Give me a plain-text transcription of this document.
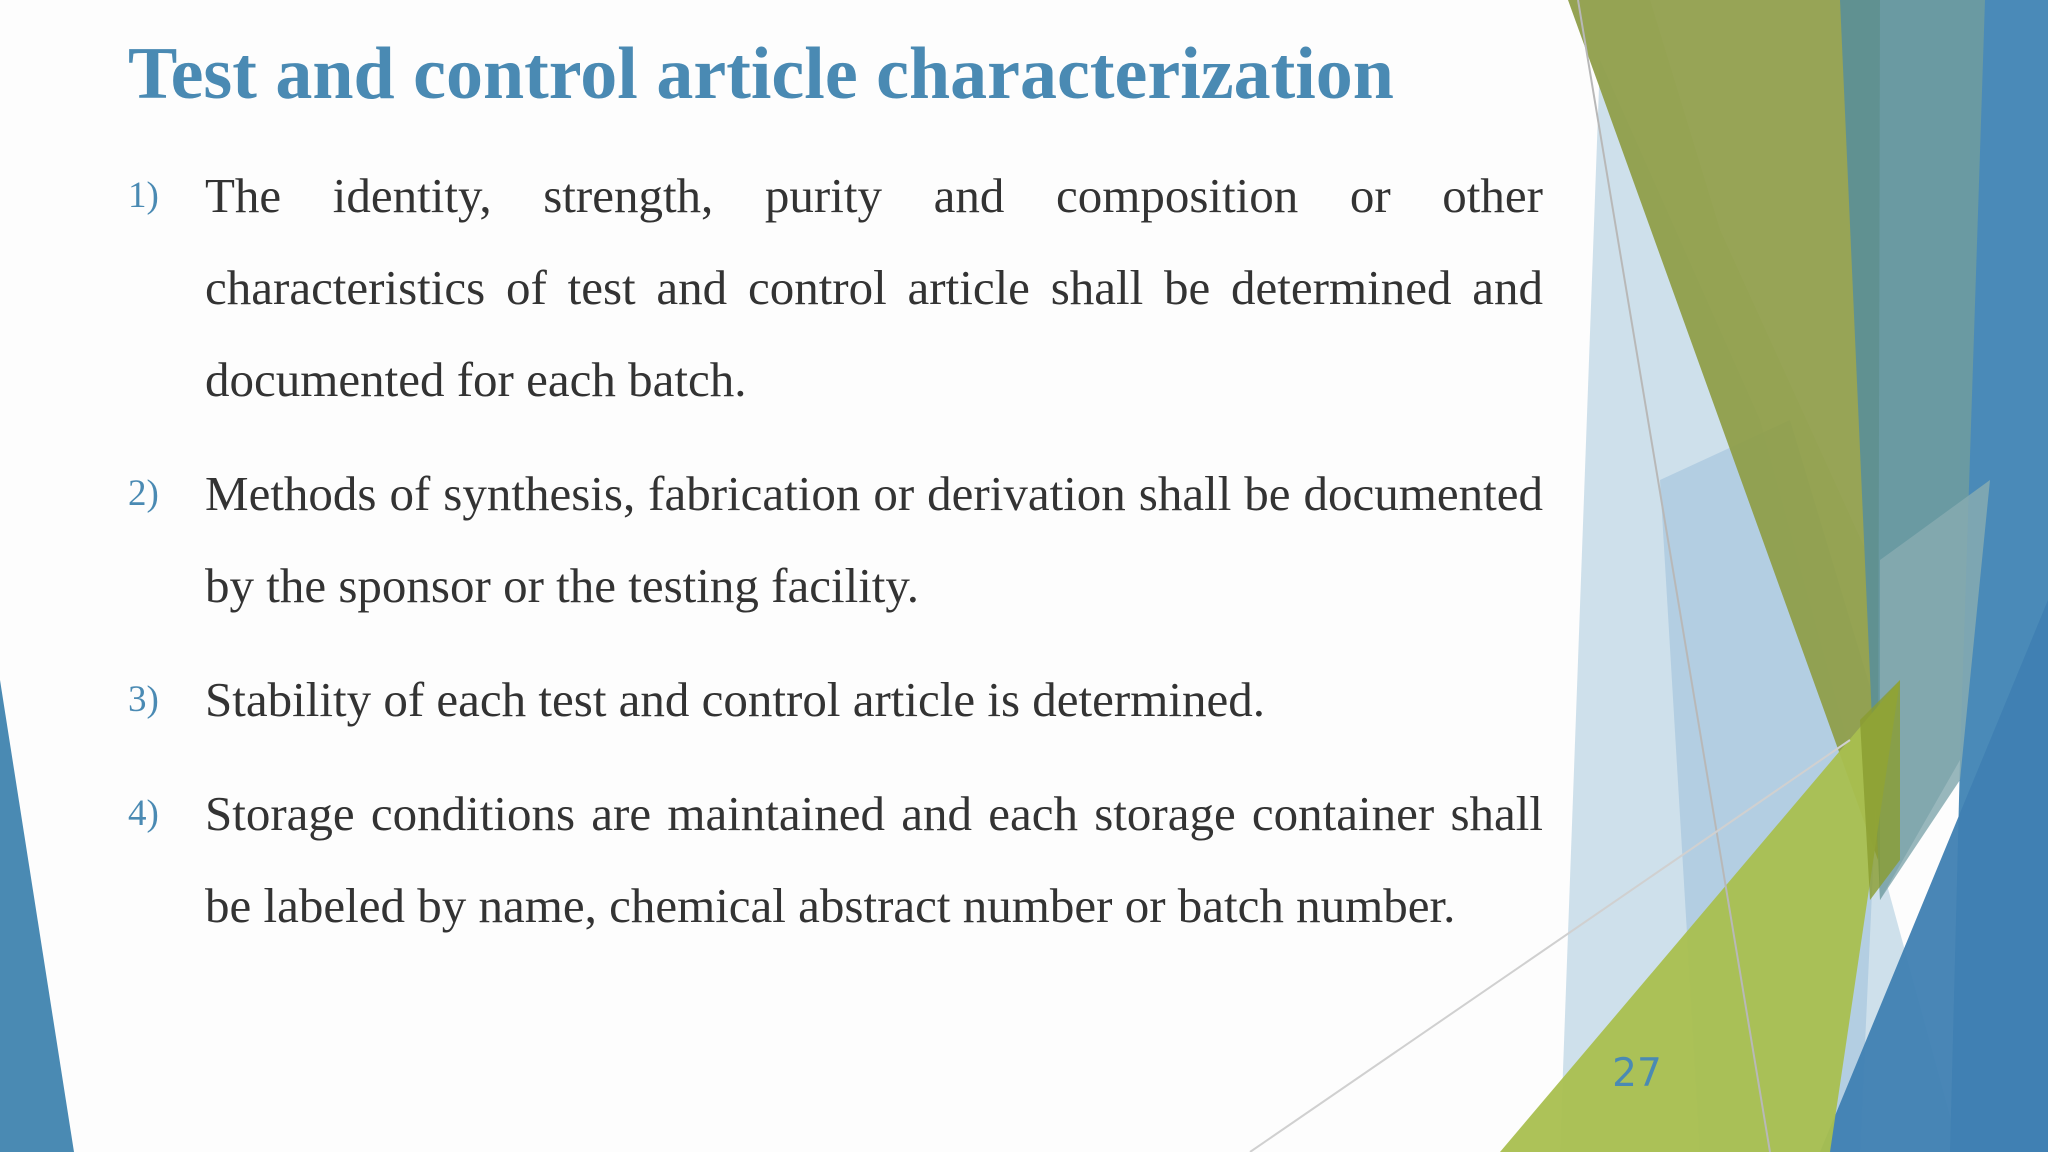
Test and control article characterization
1) The identity, strength, purity and composition or other characteristics of test and control article shall be determined and documented for each batch.
2) Methods of synthesis, fabrication or derivation shall be documented by the sponsor or the testing facility.
3) Stability of each test and control article is determined.
4) Storage conditions are maintained and each storage container shall be labeled by name, chemical abstract number or batch number.
27
